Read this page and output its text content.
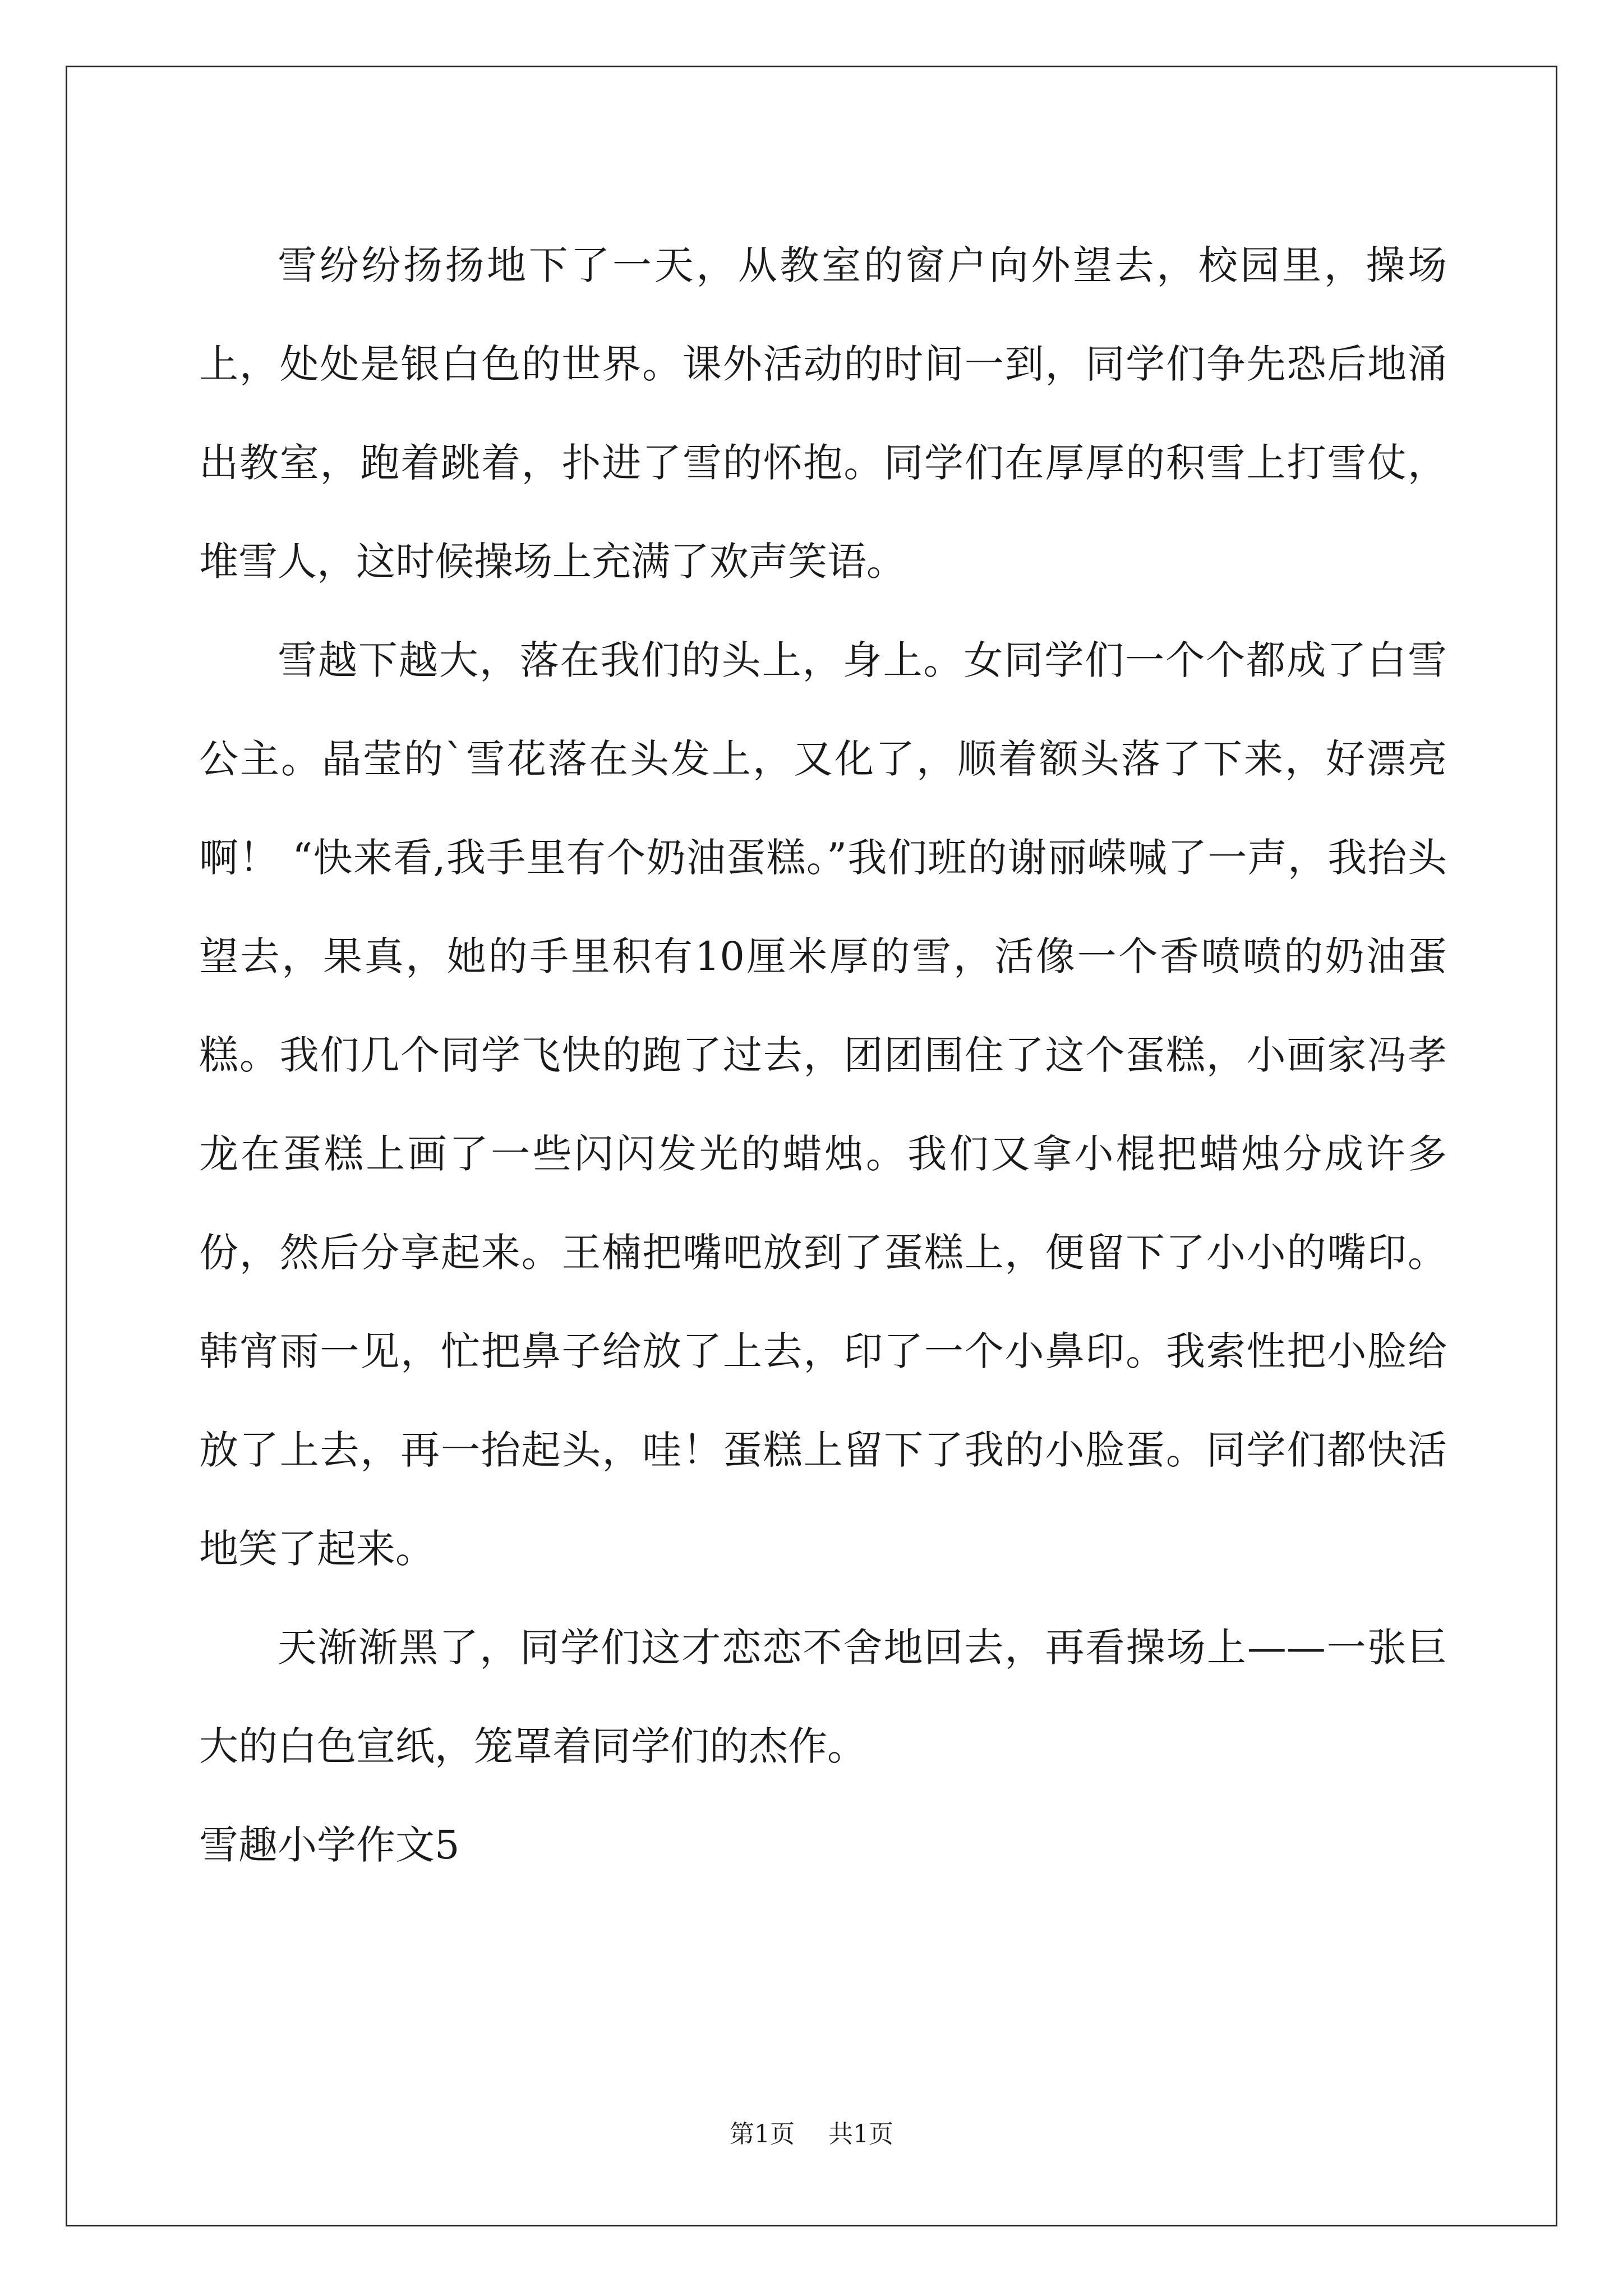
雪纷纷扬扬地下了一天，从教室的窗户向外望去，校园里，操场上，处处是银白色的世界。课外活动的时间一到，同学们争先恐后地涌出教室，跑着跳着，扑进了雪的怀抱。同学们在厚厚的积雪上打雪仗，堆雪人，这时候操场上充满了欢声笑语。

雪越下越大，落在我们的头上，身上。女同学们一个个都成了白雪公主。晶莹的`雪花落在头发上，又化了，顺着额头落了下来，好漂亮啊！ “快来看,我手里有个奶油蛋糕。”我们班的谢丽嵘喊了一声，我抬头望去，果真，她的手里积有10厘米厚的雪，活像一个香喷喷的奶油蛋糕。我们几个同学飞快的跑了过去，团团围住了这个蛋糕，小画家冯孝龙在蛋糕上画了一些闪闪发光的蜡烛。我们又拿小棍把蜡烛分成许多份，然后分享起来。王楠把嘴吧放到了蛋糕上，便留下了小小的嘴印。韩宵雨一见，忙把鼻子给放了上去，印了一个小鼻印。我索性把小脸给放了上去，再一抬起头，哇！蛋糕上留下了我的小脸蛋。同学们都快活地笑了起来。

天渐渐黑了，同学们这才恋恋不舍地回去，再看操场上——一张巨大的白色宣纸，笼罩着同学们的杰作。

雪趣小学作文5

第1页 共1页
